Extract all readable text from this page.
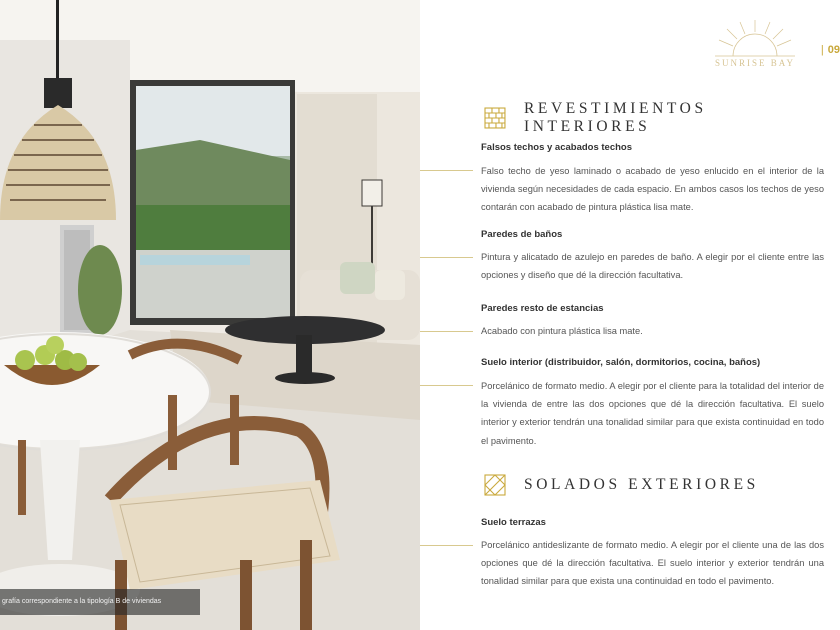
grafía correspondiente a la tipología B de viviendas
SUNRISE BAY
| 09
REVESTIMIENTOS INTERIORES
Falsos techos y acabados techos
Falso techo de yeso laminado o acabado de yeso enlucido en el interior de la vivienda según necesidades de cada espacio. En ambos casos los techos de yeso contarán con acabado de pintura plástica lisa mate.
Paredes de baños
Pintura y alicatado de azulejo en paredes de baño. A elegir por el cliente entre las opciones y diseño que dé la dirección facultativa.
Paredes resto de estancias
Acabado con pintura plástica lisa mate.
Suelo interior (distribuidor, salón, dormitorios, cocina, baños)
Porcelánico de formato medio. A elegir por el cliente para la totalidad del interior de la vivienda de entre las dos opciones que dé la dirección facultativa. El suelo interior y exterior tendrán una tonalidad similar para que exista continuidad en todo el pavimento.
SOLADOS EXTERIORES
Suelo terrazas
Porcelánico antideslizante de formato medio. A elegir por el cliente una de las dos opciones que dé la dirección facultativa. El suelo interior y exterior tendrán una tonalidad similar para que exista una continuidad en todo el pavimento.
